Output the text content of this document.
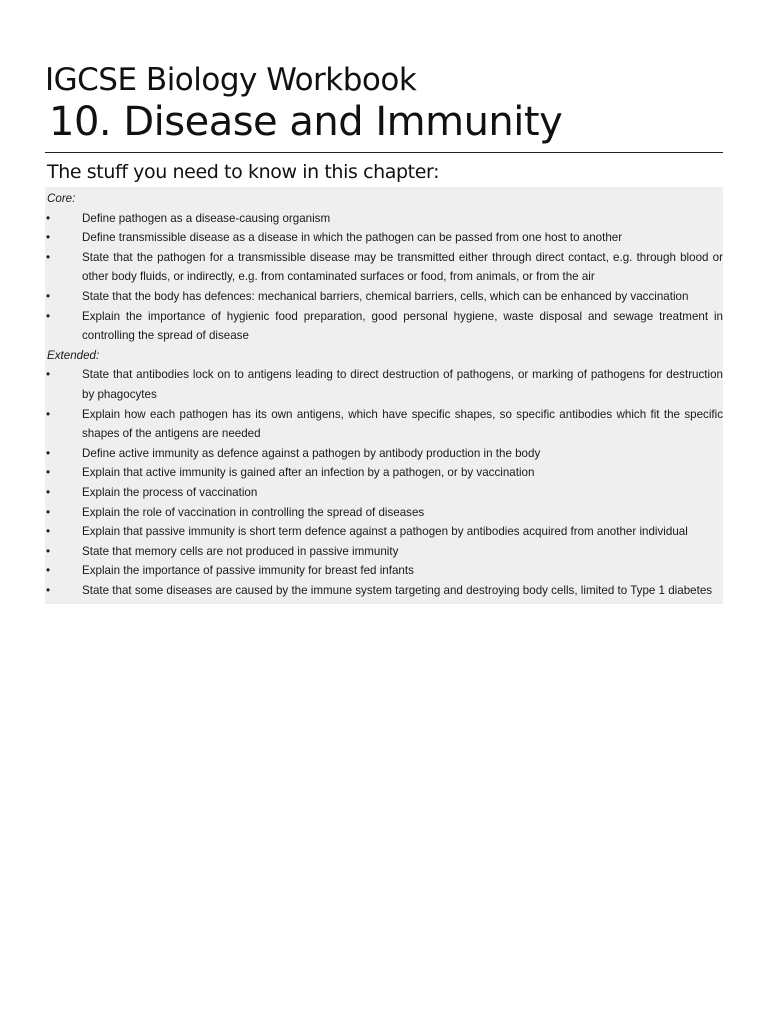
IGCSE Biology Workbook
10. Disease and Immunity
The stuff you need to know in this chapter:
Core:
•	Define pathogen as a disease-causing organism
•	Define transmissible disease as a disease in which the pathogen can be passed from one host to another
•	State that the pathogen for a transmissible disease may be transmitted either through direct contact, e.g. through blood or other body fluids, or indirectly, e.g. from contaminated surfaces or food, from animals, or from the air
•	State that the body has defences: mechanical barriers, chemical barriers, cells, which can be enhanced by vaccination
•	Explain the importance of hygienic food preparation, good personal hygiene, waste disposal and sewage treatment in controlling the spread of disease
Extended:
•	State that antibodies lock on to antigens leading to direct destruction of pathogens, or marking of pathogens for destruction by phagocytes
•	Explain how each pathogen has its own antigens, which have specific shapes, so specific antibodies which fit the specific shapes of the antigens are needed
•	Define active immunity as defence against a pathogen by antibody production in the body
•	Explain that active immunity is gained after an infection by a pathogen, or by vaccination
•	Explain the process of vaccination
•	Explain the role of vaccination in controlling the spread of diseases
•	Explain that passive immunity is short term defence against a pathogen by antibodies acquired from another individual
•	State that memory cells are not produced in passive immunity
•	Explain the importance of passive immunity for breast fed infants
•	State that some diseases are caused by the immune system targeting and destroying body cells, limited to Type 1 diabetes
